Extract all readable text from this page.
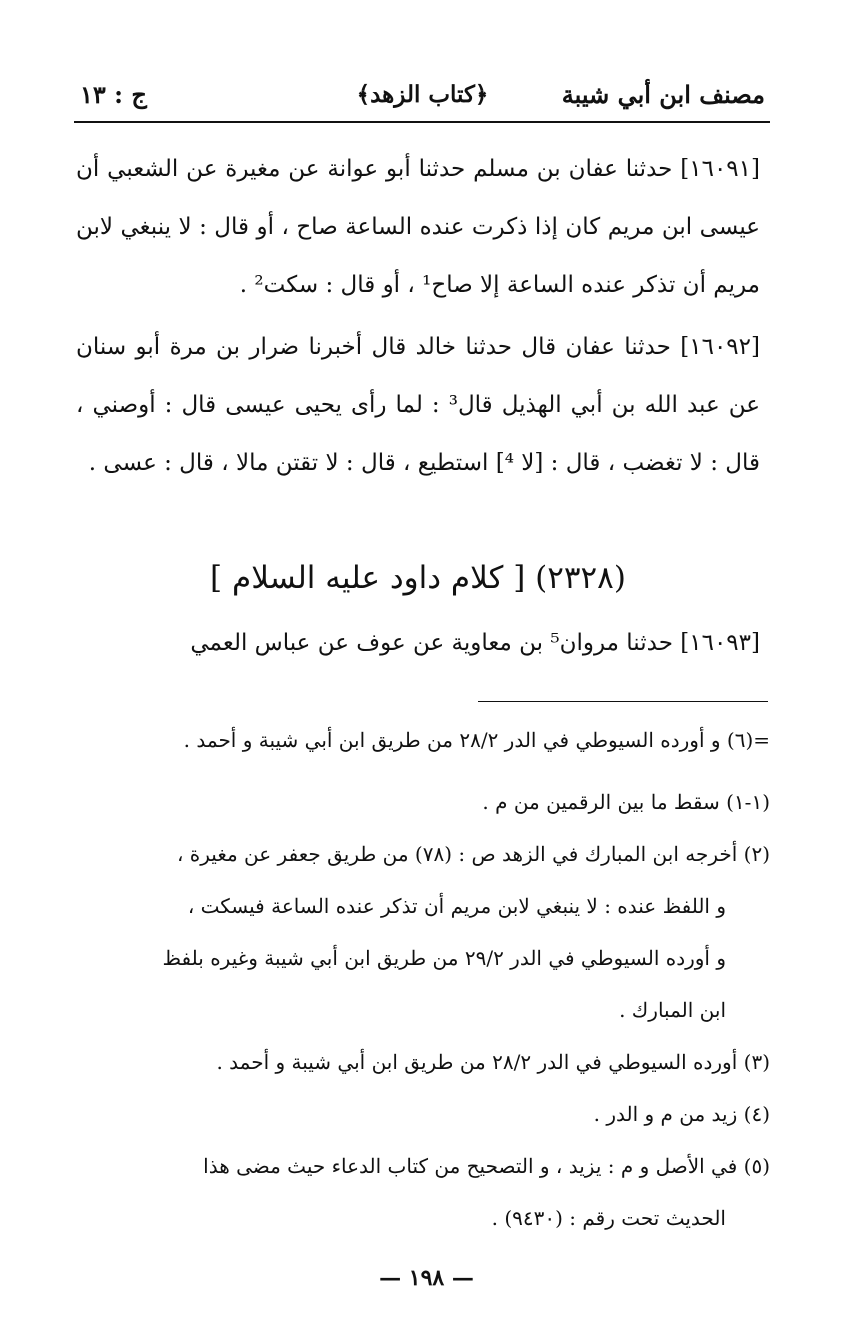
مصنف ابن أبي شيبة
﴿كتاب الزهد﴾
ج : ١٣

[١٦٠٩١] حدثنا عفان بن مسلم حدثنا أبو عوانة عن مغيرة عن الشعبي أن عيسى ابن مريم كان إذا ذكرت عنده الساعة صاح ، أو قال : لا ينبغي لابن مريم أن تذكر عنده الساعة إلا صاح¹ ، أو قال : سكت² .

[١٦٠٩٢] حدثنا عفان قال حدثنا خالد قال أخبرنا ضرار بن مرة أبو سنان عن عبد الله بن أبي الهذيل قال³ : لما رأى يحيى عيسى قال : أوصني ، قال : لا تغضب ، قال : [لا ⁴] استطيع ، قال : لا تقتن مالا ، قال : عسى .

(٢٣٢٨) [ كلام داود عليه السلام ]

[١٦٠٩٣] حدثنا مروان⁵ بن معاوية عن عوف عن عباس العمي

=(٦) و أورده السيوطي في الدر ٢٨/٢ من طريق ابن أبي شيبة و أحمد .

(١-١) سقط ما بين الرقمين من م .

(٢) أخرجه ابن المبارك في الزهد ص : (٧٨) من طريق جعفر عن مغيرة ،

و اللفظ عنده : لا ينبغي لابن مريم أن تذكر عنده الساعة فيسكت ،

و أورده السيوطي في الدر ٢٩/٢ من طريق ابن أبي شيبة وغيره بلفظ

ابن المبارك .

(٣) أورده السيوطي في الدر ٢٨/٢ من طريق ابن أبي شيبة و أحمد .

(٤) زيد من م و الدر .

(٥) في الأصل و م : يزيد ، و التصحيح من كتاب الدعاء حيث مضى هذا

الحديث تحت رقم : (٩٤٣٠) .

— ١٩٨ —
